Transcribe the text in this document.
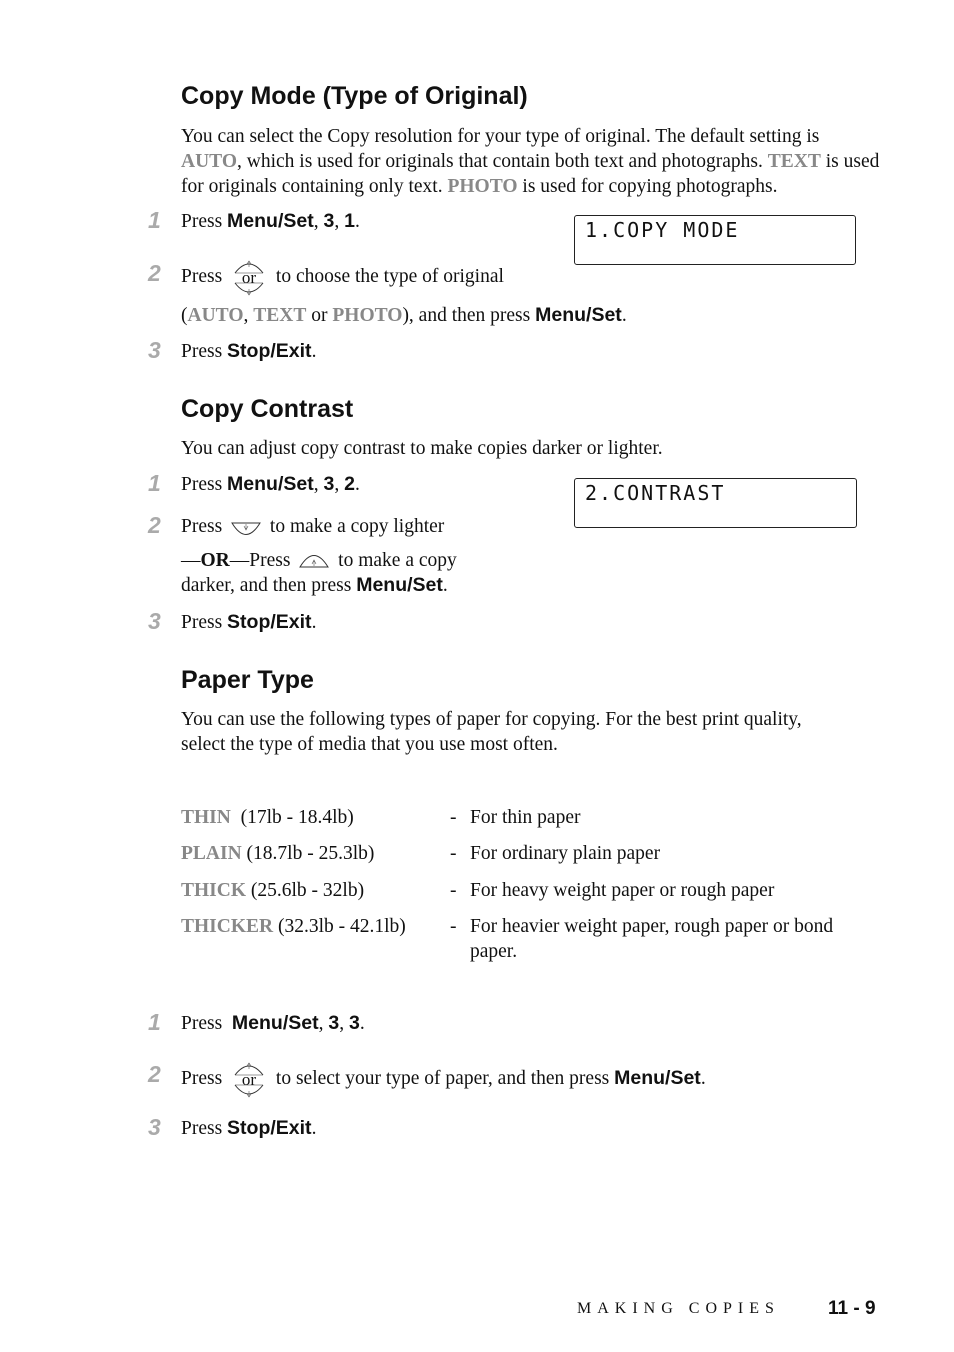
Copy Mode (Type of Original)
You can select the Copy resolution for your type of original. The default setting is AUTO, which is used for originals that contain both text and photographs. TEXT is used for originals containing only text. PHOTO is used for copying photographs.
1.COPY MODE
1 Press Menu/Set, 3, 1.
2 Press or to choose the type of original
(AUTO, TEXT or PHOTO), and then press Menu/Set.
3 Press Stop/Exit.
Copy Contrast
You can adjust copy contrast to make copies darker or lighter.
2.CONTRAST
1 Press Menu/Set, 3, 2.
2 Press to make a copy lighter
—OR—Press to make a copy
darker, and then press Menu/Set.
3 Press Stop/Exit.
Paper Type
You can use the following types of paper for copying. For the best print quality,
select the type of media that you use most often.
THIN (17lb - 18.4lb)	- For thin paper
PLAIN (18.7lb - 25.3lb)	- For ordinary plain paper
THICK (25.6lb - 32lb)	- For heavy weight paper or rough paper
THICKER (32.3lb - 42.1lb) - For heavier weight paper, rough paper or bond
paper.
1 Press Menu/Set, 3, 3.
2 Press or to select your type of paper, and then press Menu/Set.
3 Press Stop/Exit.
MAKING COPIES	11 - 9
